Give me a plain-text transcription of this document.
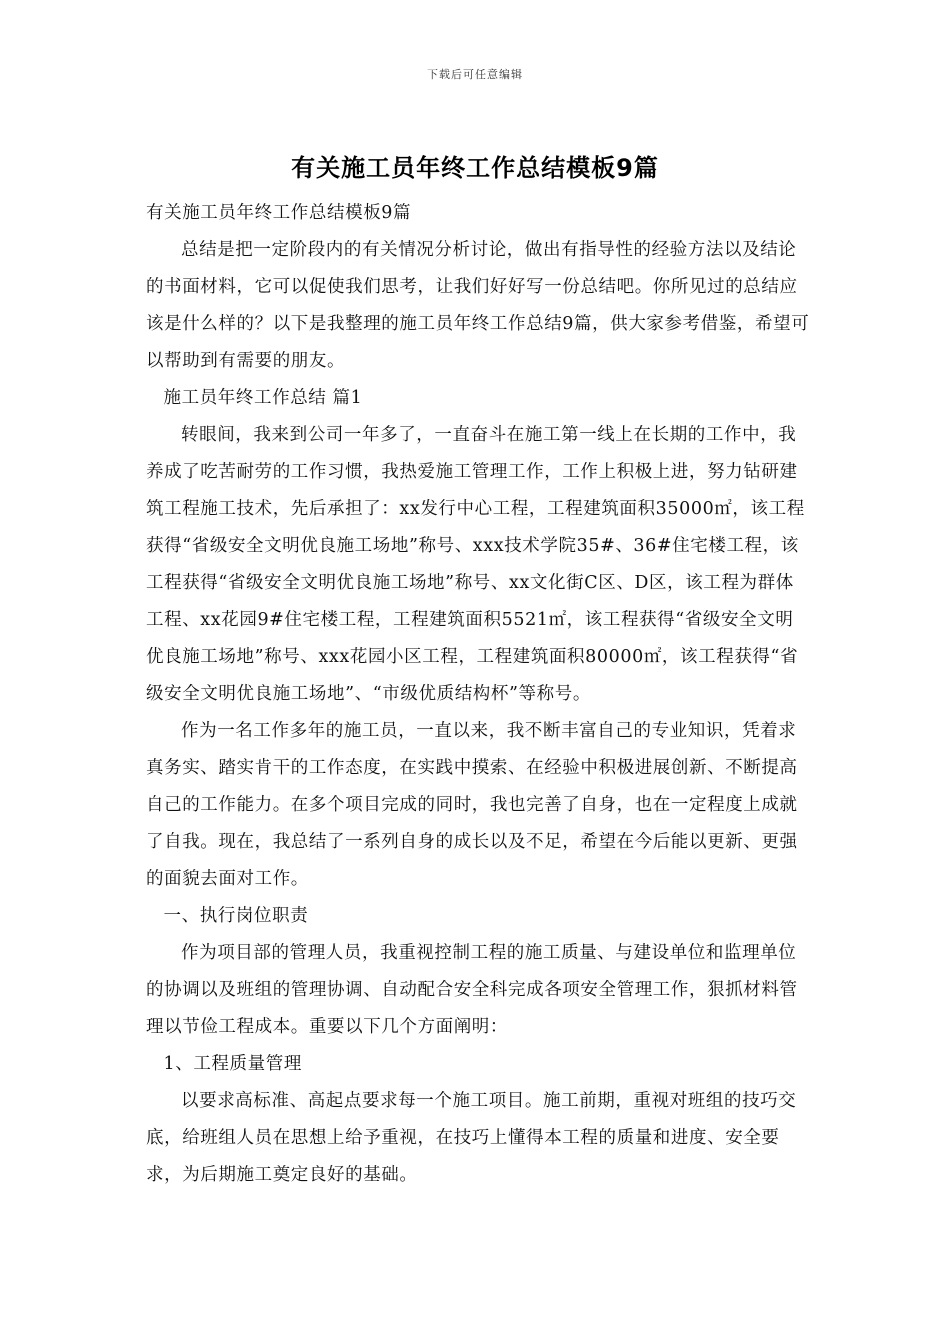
下载后可任意编辑
有关施工员年终工作总结模板9篇

有关施工员年终工作总结模板9篇

总结是把一定阶段内的有关情况分析讨论，做出有指导性的经验方法以及结论的书面材料，它可以促使我们思考，让我们好好写一份总结吧。你所见过的总结应该是什么样的？以下是我整理的施工员年终工作总结9篇，供大家参考借鉴，希望可以帮助到有需要的朋友。

施工员年终工作总结 篇1

转眼间，我来到公司一年多了，一直奋斗在施工第一线上在长期的工作中，我养成了吃苦耐劳的工作习惯，我热爱施工管理工作，工作上积极上进，努力钻研建筑工程施工技术，先后承担了：xx发行中心工程，工程建筑面积35000㎡，该工程获得“省级安全文明优良施工场地”称号、xxx技术学院35#、36#住宅楼工程，该工程获得“省级安全文明优良施工场地”称号、xx文化街C区、D区，该工程为群体工程、xx花园9#住宅楼工程，工程建筑面积5521㎡，该工程获得“省级安全文明优良施工场地”称号、xxx花园小区工程，工程建筑面积80000㎡，该工程获得“省级安全文明优良施工场地”、“市级优质结构杯”等称号。

作为一名工作多年的施工员，一直以来，我不断丰富自己的专业知识，凭着求真务实、踏实肯干的工作态度，在实践中摸索、在经验中积极进展创新、不断提高自己的工作能力。在多个项目完成的同时，我也完善了自身，也在一定程度上成就了自我。现在，我总结了一系列自身的成长以及不足，希望在今后能以更新、更强的面貌去面对工作。

一、执行岗位职责

作为项目部的管理人员，我重视控制工程的施工质量、与建设单位和监理单位的协调以及班组的管理协调、自动配合安全科完成各项安全管理工作，狠抓材料管理以节俭工程成本。重要以下几个方面阐明：

1、工程质量管理

以要求高标准、高起点要求每一个施工项目。施工前期，重视对班组的技巧交底，给班组人员在思想上给予重视，在技巧上懂得本工程的质量和进度、安全要求，为后期施工奠定良好的基础。
